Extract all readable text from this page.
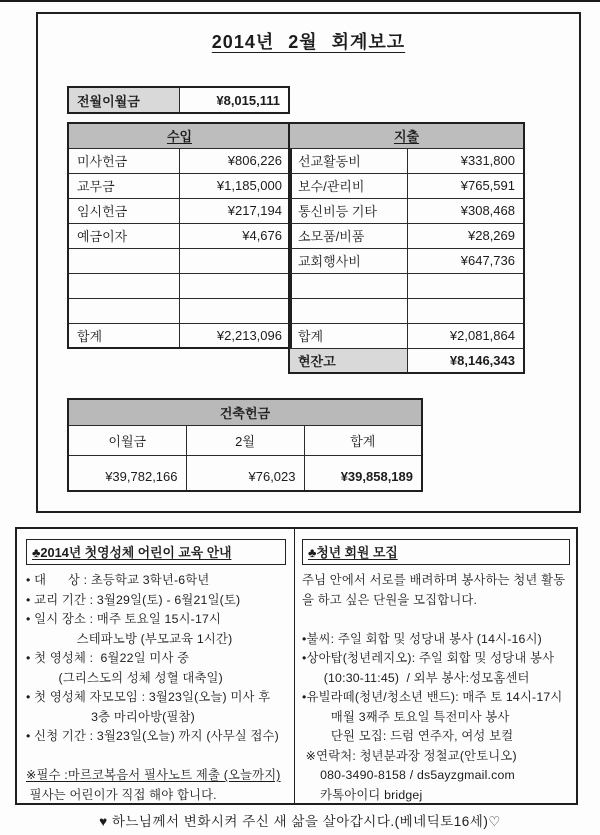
2014년 2월 회계보고
전월이월금	¥8,015,111
수입	
미사헌금	¥806,226
교무금	¥1,185,000
임시헌금	¥217,194
예금이자	¥4,676

합계	¥2,213,096
지출	
선교활동비	¥331,800
보수/관리비	¥765,591
통신비등 기타	¥308,468
소모품/비품	¥28,269
교회행사비	¥647,736

합계	¥2,081,864
현잔고	¥8,146,343
건축헌금		
이월금	2월	합계
¥39,782,166	¥76,023	¥39,858,189
♣2014년 첫영성체 어린이 교육 안내
• 대      상 : 초등학교 3학년-6학년
• 교리 기간 : 3월29일(토) - 6월21일(토)
• 일시 장소 : 매주 토요일 15시-17시
스테파노방 (부모교육 1시간)
• 첫 영성체 :  6월22일 미사 중
(그리스도의 성체 성혈 대축일)
• 첫 영성체 자모모임 : 3월23일(오늘) 미사 후
3층 마리아방(필참)
• 신청 기간 : 3월23일(오늘) 까지 (사무실 접수)
※필수 :마르코복음서 필사노트 제출 (오늘까지)
필사는 어린이가 직접 해야 합니다.
♣청년 회원 모집
주님 안에서 서로를 배려하며 봉사하는 청년 활동
을 하고 싶은 단원을 모집합니다.
•불씨: 주일 회합 및 성당내 봉사 (14시-16시)
•상아탑(청년레지오): 주일 회합 및 성당내 봉사
(10:30-11:45)  / 외부 봉사:성모홈센터
•유빌라떼(청년/청소년 밴드): 매주 토 14시-17시
매월 3째주 토요일 특전미사 봉사
단원 모집: 드럼 연주자, 여성 보컬
※연락처: 청년분과장 정철교(안토니오)
080-3490-8158 / ds5ayzgmail.com
카톡아이디 bridgej
♥ 하느님께서 변화시켜 주신 새 삶을 살아갑시다.(베네딕토16세)♡
